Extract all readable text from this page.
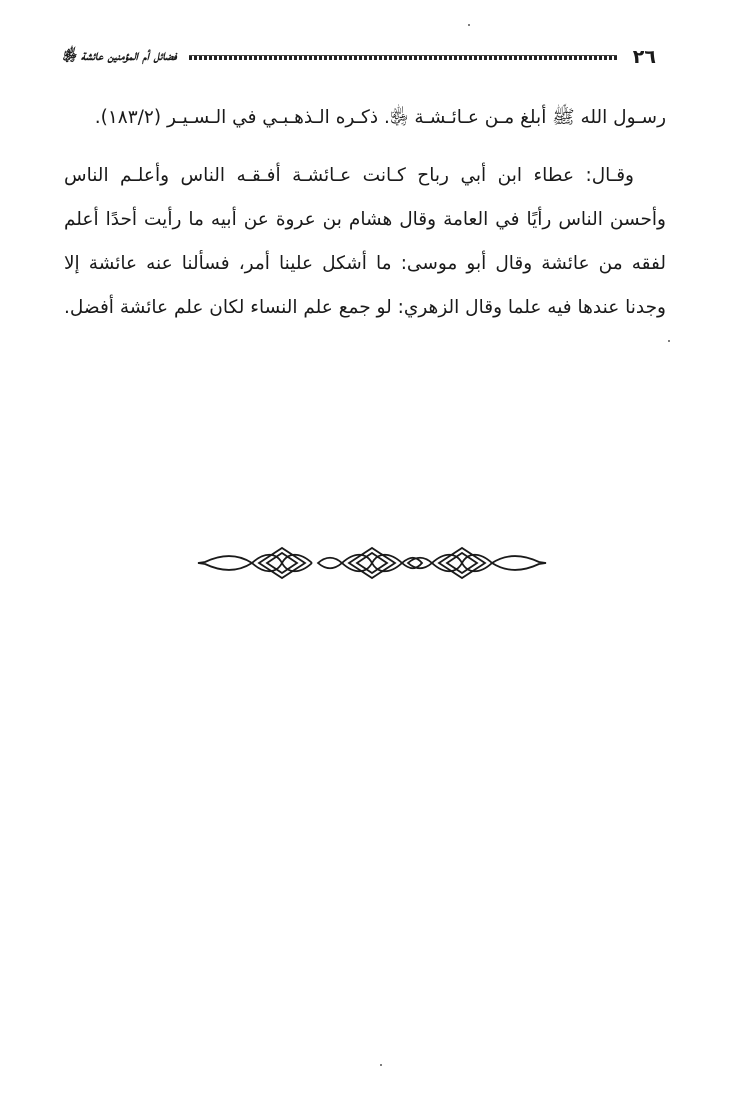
٢٦
فضائل أم المؤمنين عائشة ﵂

رسـول الله ﷺ أبلغ مـن عـائـشـة ﵂. ذكـره الـذهـبـي في الـسـيـر (١٨٣/٢).

وقـال: عطاء ابن أبي رباح كـانت عـائشـة أفـقـه الناس وأعلـم الناس وأحسن الناس رأيًا في العامة وقال هشام بن عروة عن أبيه ما رأيت أحدًا أعلم لفقه من عائشة وقال أبو موسى: ما أشكل علينا أمر، فسألنا عنه عائشة إلا وجدنا عندها فيه علما وقال الزهري: لو جمع علم النساء لكان علم عائشة أفضل.
